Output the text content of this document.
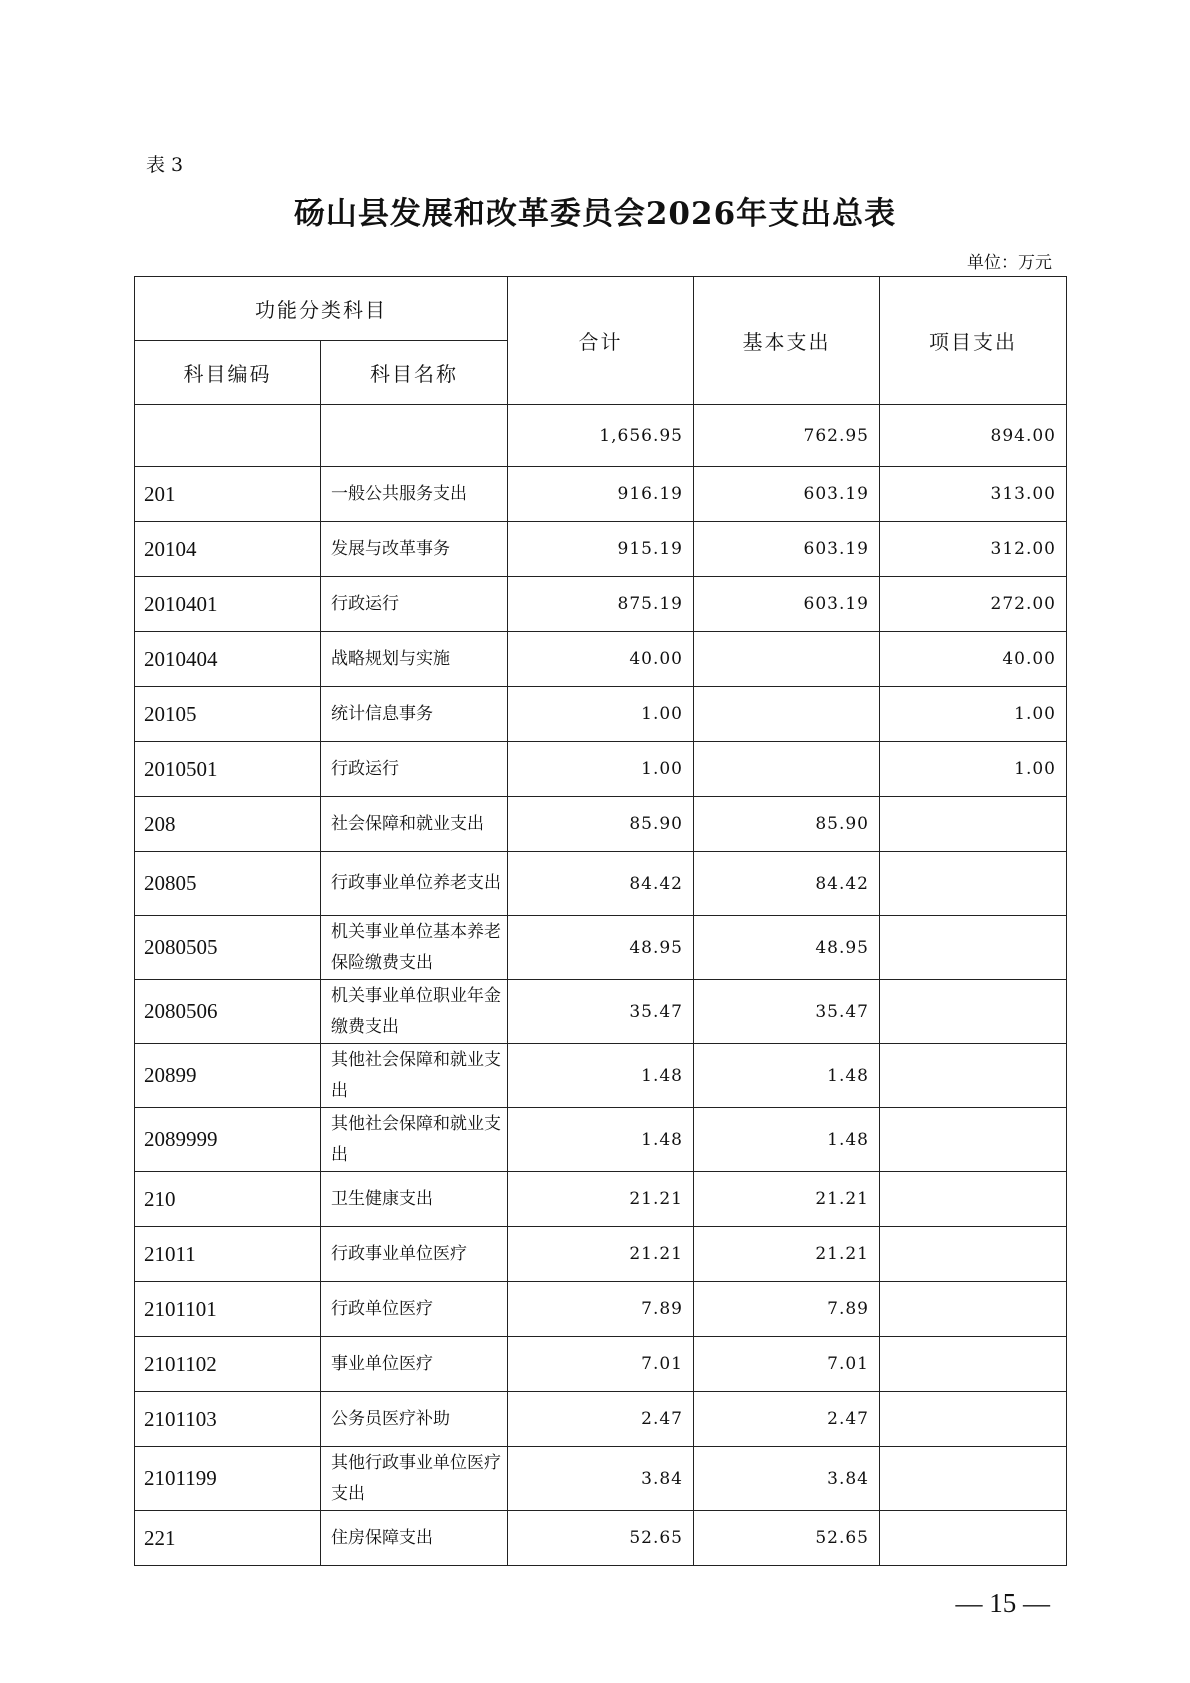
表 3
砀山县发展和改革委员会2026年支出总表
单位：万元
功能分类科目		合计	基本支出	项目支出
科目编码	科目名称			
		1,656.95	762.95	894.00
201	一般公共服务支出	916.19	603.19	313.00
20104	发展与改革事务	915.19	603.19	312.00
2010401	行政运行	875.19	603.19	272.00
2010404	战略规划与实施	40.00		40.00
20105	统计信息事务	1.00		1.00
2010501	行政运行	1.00		1.00
208	社会保障和就业支出	85.90	85.90	
20805	行政事业单位养老支出	84.42	84.42	
2080505	机关事业单位基本养老保险缴费支出	48.95	48.95	
2080506	机关事业单位职业年金缴费支出	35.47	35.47	
20899	其他社会保障和就业支出	1.48	1.48	
2089999	其他社会保障和就业支出	1.48	1.48	
210	卫生健康支出	21.21	21.21	
21011	行政事业单位医疗	21.21	21.21	
2101101	行政单位医疗	7.89	7.89	
2101102	事业单位医疗	7.01	7.01	
2101103	公务员医疗补助	2.47	2.47	
2101199	其他行政事业单位医疗支出	3.84	3.84	
221	住房保障支出	52.65	52.65	
— 15 —
